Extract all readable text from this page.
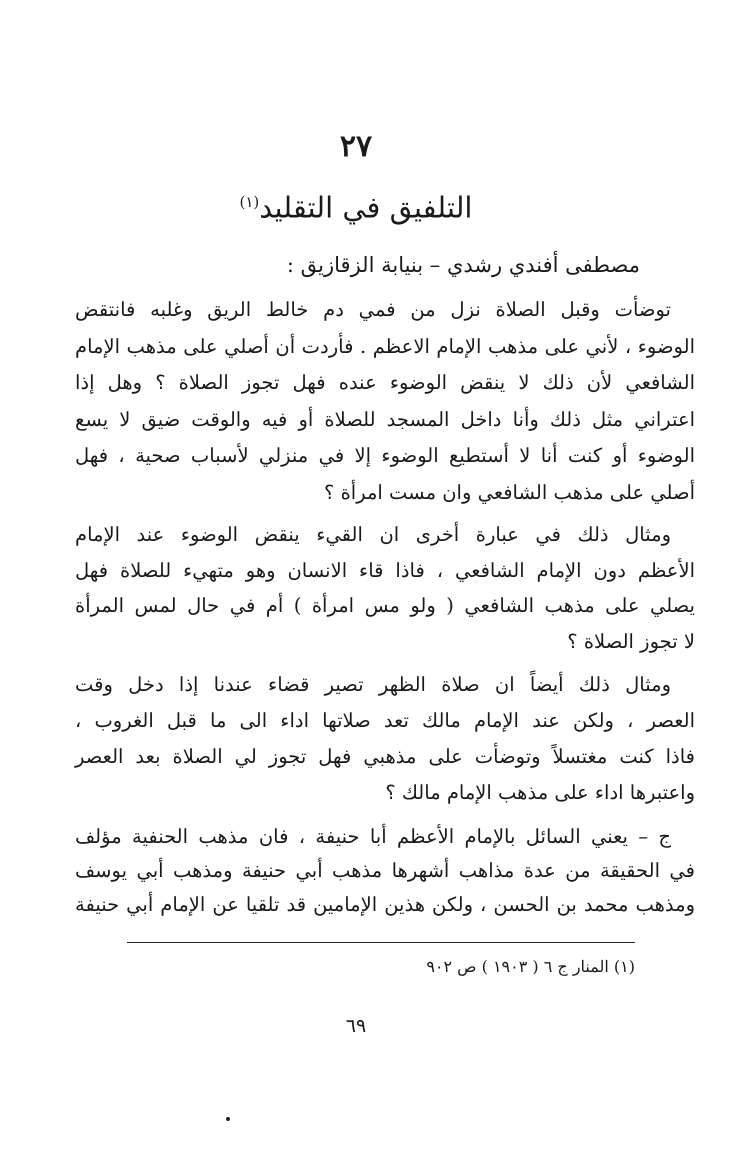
٢٧
التلفيق في التقليد$^{(١)}$
مصطفى أفندي رشدي – بنيابة الزقازيق :
توضأت وقبل الصلاة نزل من فمي دم خالط الريق وغلبه فانتقض
الوضوء ، لأني على مذهب الإمام الاعظم . فأردت أن أصلي على مذهب الإمام
الشافعي لأن ذلك لا ينقض الوضوء عنده فهل تجوز الصلاة ؟ وهل إذا
اعتراني مثل ذلك وأنا داخل المسجد للصلاة أو فيه والوقت ضيق لا يسع
الوضوء أو كنت أنا لا أستطيع الوضوء إلا في منزلي لأسباب صحية ، فهل
أصلي على مذهب الشافعي وان مست امرأة ؟
ومثال ذلك في عبارة أخرى ان القيء ينقض الوضوء عند الإمام
الأعظم دون الإمام الشافعي ، فاذا قاء الانسان وهو متهيء للصلاة فهل
يصلي على مذهب الشافعي ( ولو مس امرأة ) أم في حال لمس المرأة
لا تجوز الصلاة ؟
ومثال ذلك أيضاً ان صلاة الظهر تصير قضاء عندنا إذا دخل وقت
العصر ، ولكن عند الإمام مالك تعد صلاتها اداء الى ما قبل الغروب ،
فاذا كنت مغتسلاً وتوضأت على مذهبي فهل تجوز لي الصلاة بعد العصر
واعتبرها اداء على مذهب الإمام مالك ؟
ج – يعني السائل بالإمام الأعظم أبا حنيفة ، فان مذهب الحنفية مؤلف
في الحقيقة من عدة مذاهب أشهرها مذهب أبي حنيفة ومذهب أبي يوسف
ومذهب محمد بن الحسن ، ولكن هذين الإمامين قد تلقيا عن الإمام أبي حنيفة
(١) المنار ج ٦ ( ١٩٠٣ ) ص ٩٠٢
٦٩
